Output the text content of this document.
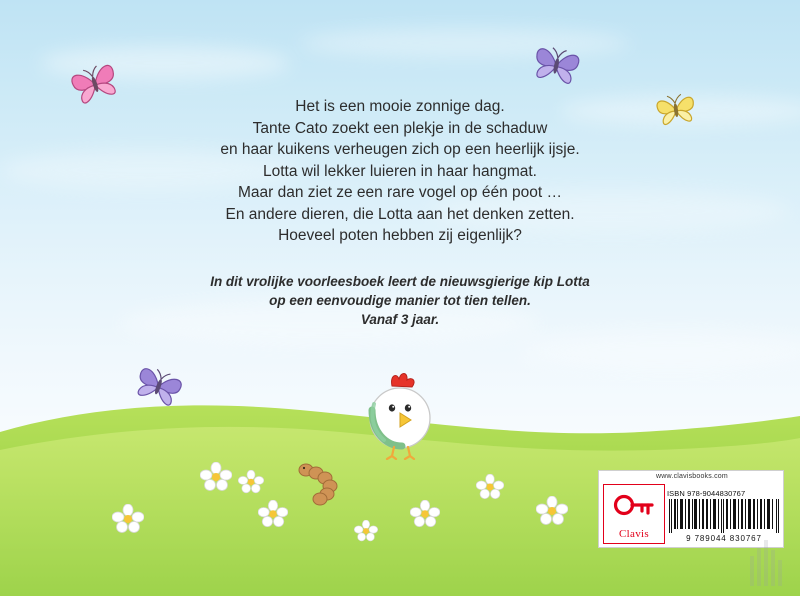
Het is een mooie zonnige dag.
Tante Cato zoekt een plekje in de schaduw
en haar kuikens verheugen zich op een heerlijk ijsje.
Lotta wil lekker luieren in haar hangmat.
Maar dan ziet ze een rare vogel op één poot …
En andere dieren, die Lotta aan het denken zetten.
Hoeveel poten hebben zij eigenlijk?
In dit vrolijke voorleesboek leert de nieuwsgierige kip Lotta
op een eenvoudige manier tot tien tellen.
Vanaf 3 jaar.
www.clavisbooks.com
Clavis
ISBN 978-9044830767
9 789044 830767
